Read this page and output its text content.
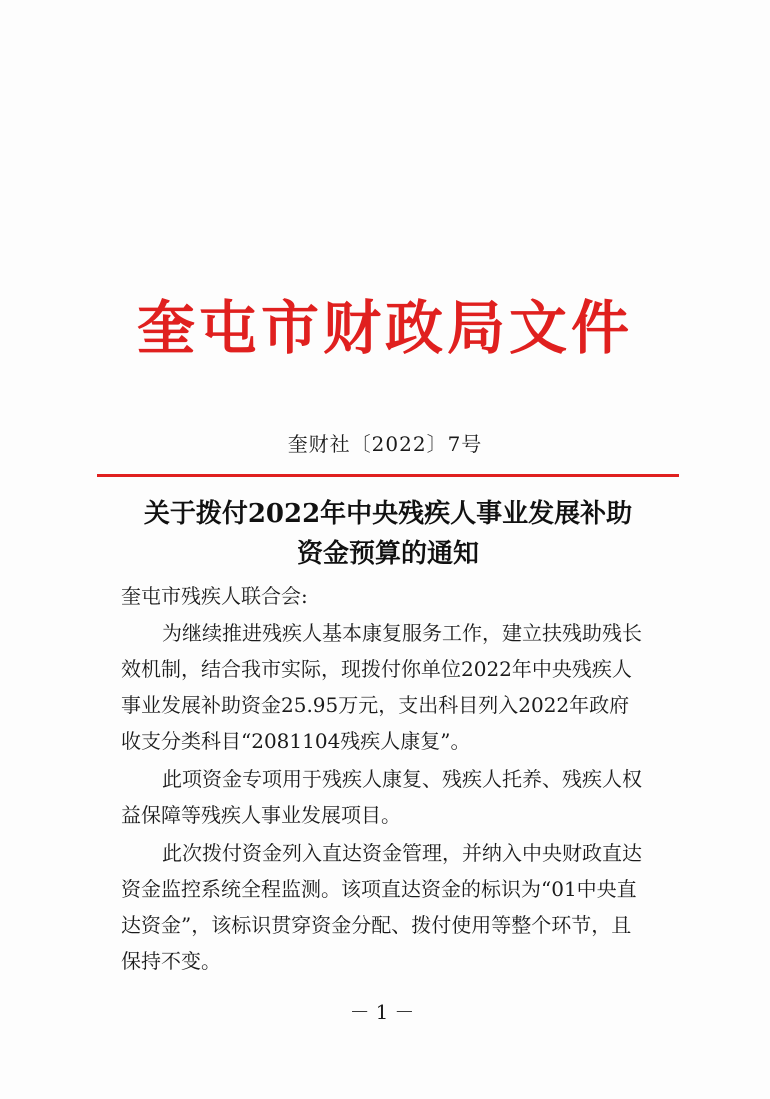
奎屯市财政局文件
奎财社〔2022〕7号
关于拨付2022年中央残疾人事业发展补助
资金预算的通知
奎屯市残疾人联合会:
为继续推进残疾人基本康复服务工作，建立扶残助残长
效机制，结合我市实际，现拨付你单位2022年中央残疾人
事业发展补助资金25.95万元，支出科目列入2022年政府
收支分类科目“2081104残疾人康复”。
此项资金专项用于残疾人康复、残疾人托养、残疾人权
益保障等残疾人事业发展项目。
此次拨付资金列入直达资金管理，并纳入中央财政直达
资金监控系统全程监测。该项直达资金的标识为“01中央直
达资金”，该标识贯穿资金分配、拨付使用等整个环节，且
保持不变。
－1－
